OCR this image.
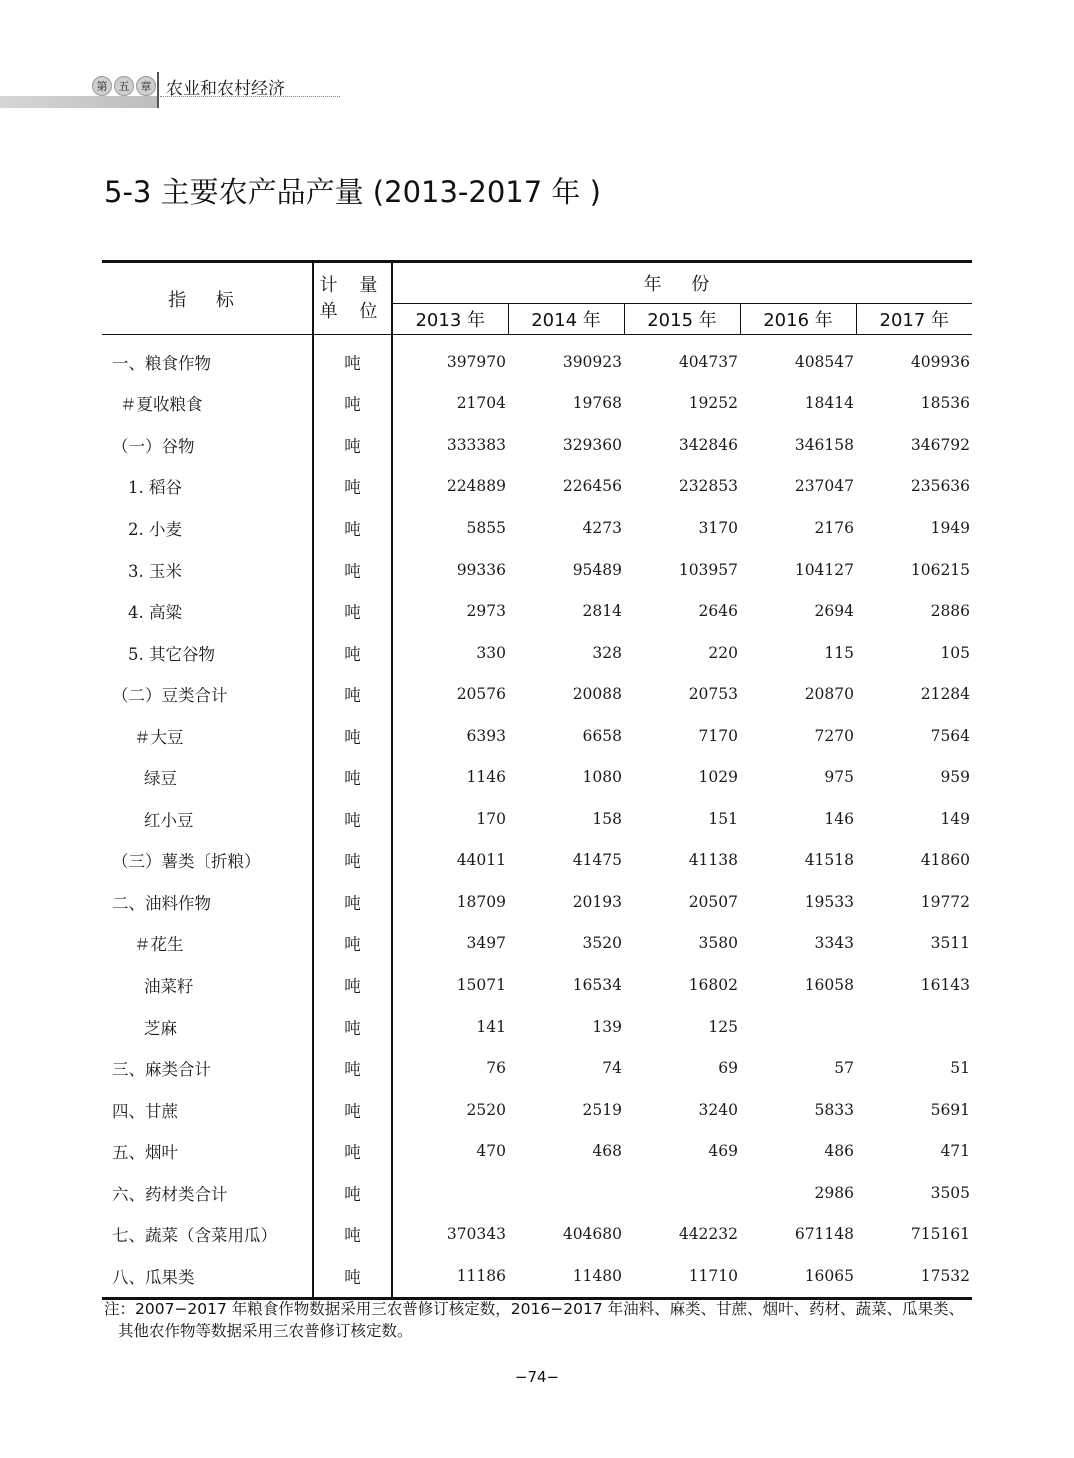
第	五	章 农业和农村经济
5-3 主要农产品产量 (2013-2017 年 )
指 标	计 量
单 位	年 份				
		2013 年	2014 年	2015 年	2016 年	2017 年
一、粮食作物	吨	397970	390923	404737	408547	409936
＃夏收粮食	吨	21704	19768	19252	18414	18536
（一）谷物	吨	333383	329360	342846	346158	346792
1. 稻谷	吨	224889	226456	232853	237047	235636
2. 小麦	吨	5855	4273	3170	2176	1949
3. 玉米	吨	99336	95489	103957	104127	106215
4. 高粱	吨	2973	2814	2646	2694	2886
5. 其它谷物	吨	330	328	220	115	105
（二）豆类合计	吨	20576	20088	20753	20870	21284
＃大豆	吨	6393	6658	7170	7270	7564
绿豆	吨	1146	1080	1029	975	959
红小豆	吨	170	158	151	146	149
（三）薯类〔折粮）	吨	44011	41475	41138	41518	41860
二、油料作物	吨	18709	20193	20507	19533	19772
＃花生	吨	3497	3520	3580	3343	3511
油菜籽	吨	15071	16534	16802	16058	16143
芝麻	吨	141	139	125		
三、麻类合计	吨	76	74	69	57	51
四、甘蔗	吨	2520	2519	3240	5833	5691
五、烟叶	吨	470	468	469	486	471
六、药材类合计	吨				2986	3505
七、蔬菜（含菜用瓜）	吨	370343	404680	442232	671148	715161
八、瓜果类	吨	11186	11480	11710	16065	17532
注：2007−2017 年粮食作物数据采用三农普修订核定数，2016−2017 年油料、麻类、甘蔗、烟叶、药材、蔬菜、瓜果类、
其他农作物等数据采用三农普修订核定数。
−74−
